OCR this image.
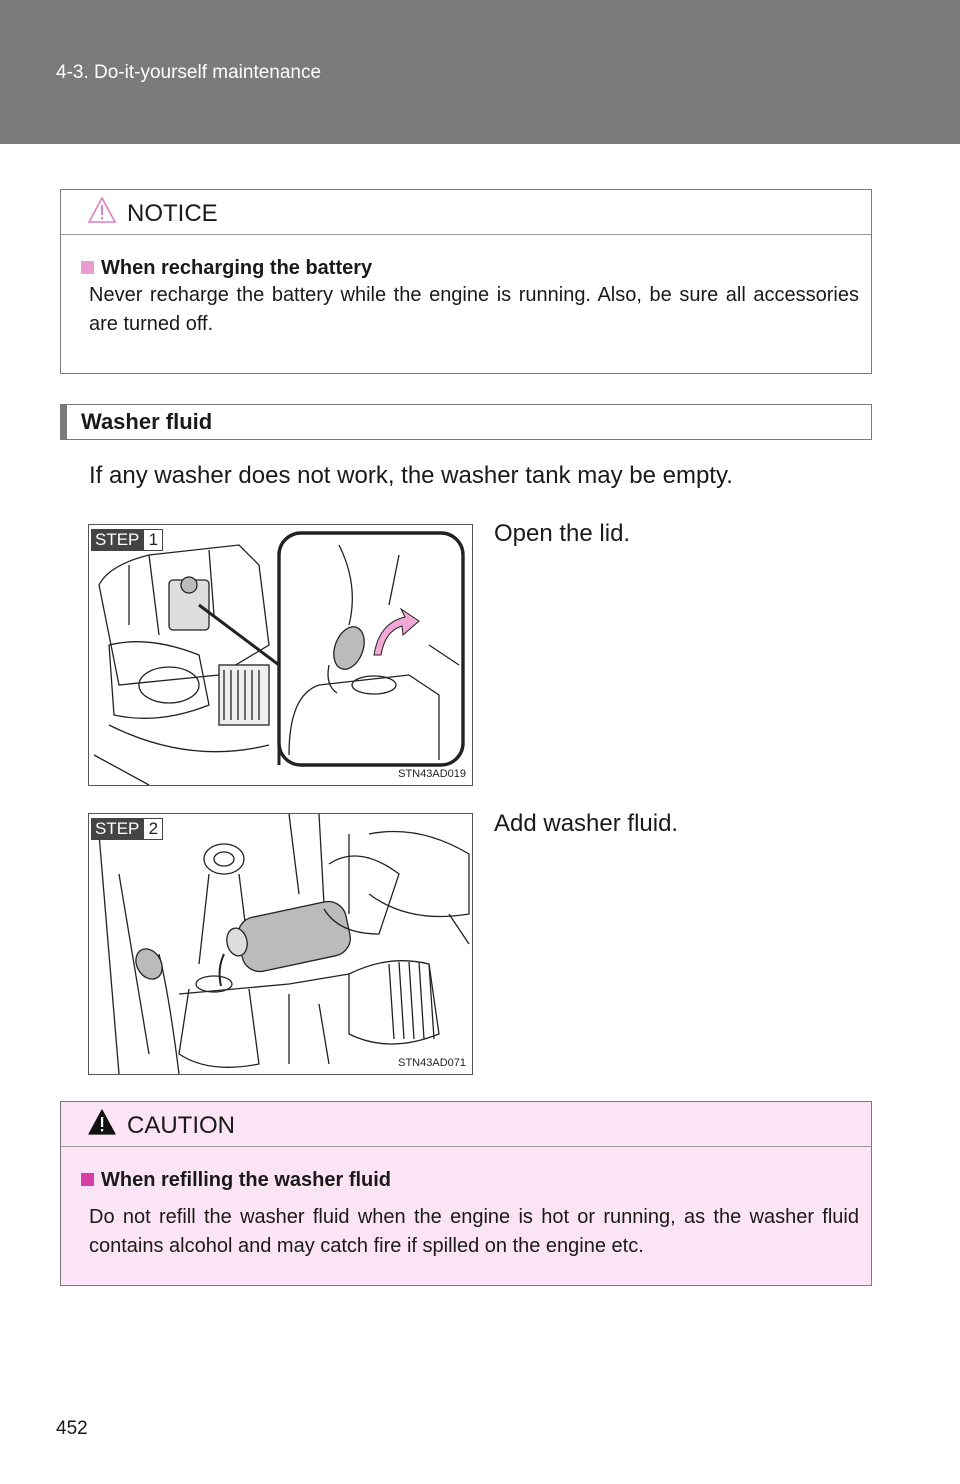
4-3. Do-it-yourself maintenance
NOTICE
When recharging the battery
Never recharge the battery while the engine is running. Also, be sure all accessories are turned off.
Washer fluid
If any washer does not work, the washer tank may be empty.
STEP 1
STN43AD019
Open the lid.
STEP 2
STN43AD071
Add washer fluid.
CAUTION
When refilling the washer fluid
Do not refill the washer fluid when the engine is hot or running, as the washer fluid contains alcohol and may catch fire if spilled on the engine etc.
452
